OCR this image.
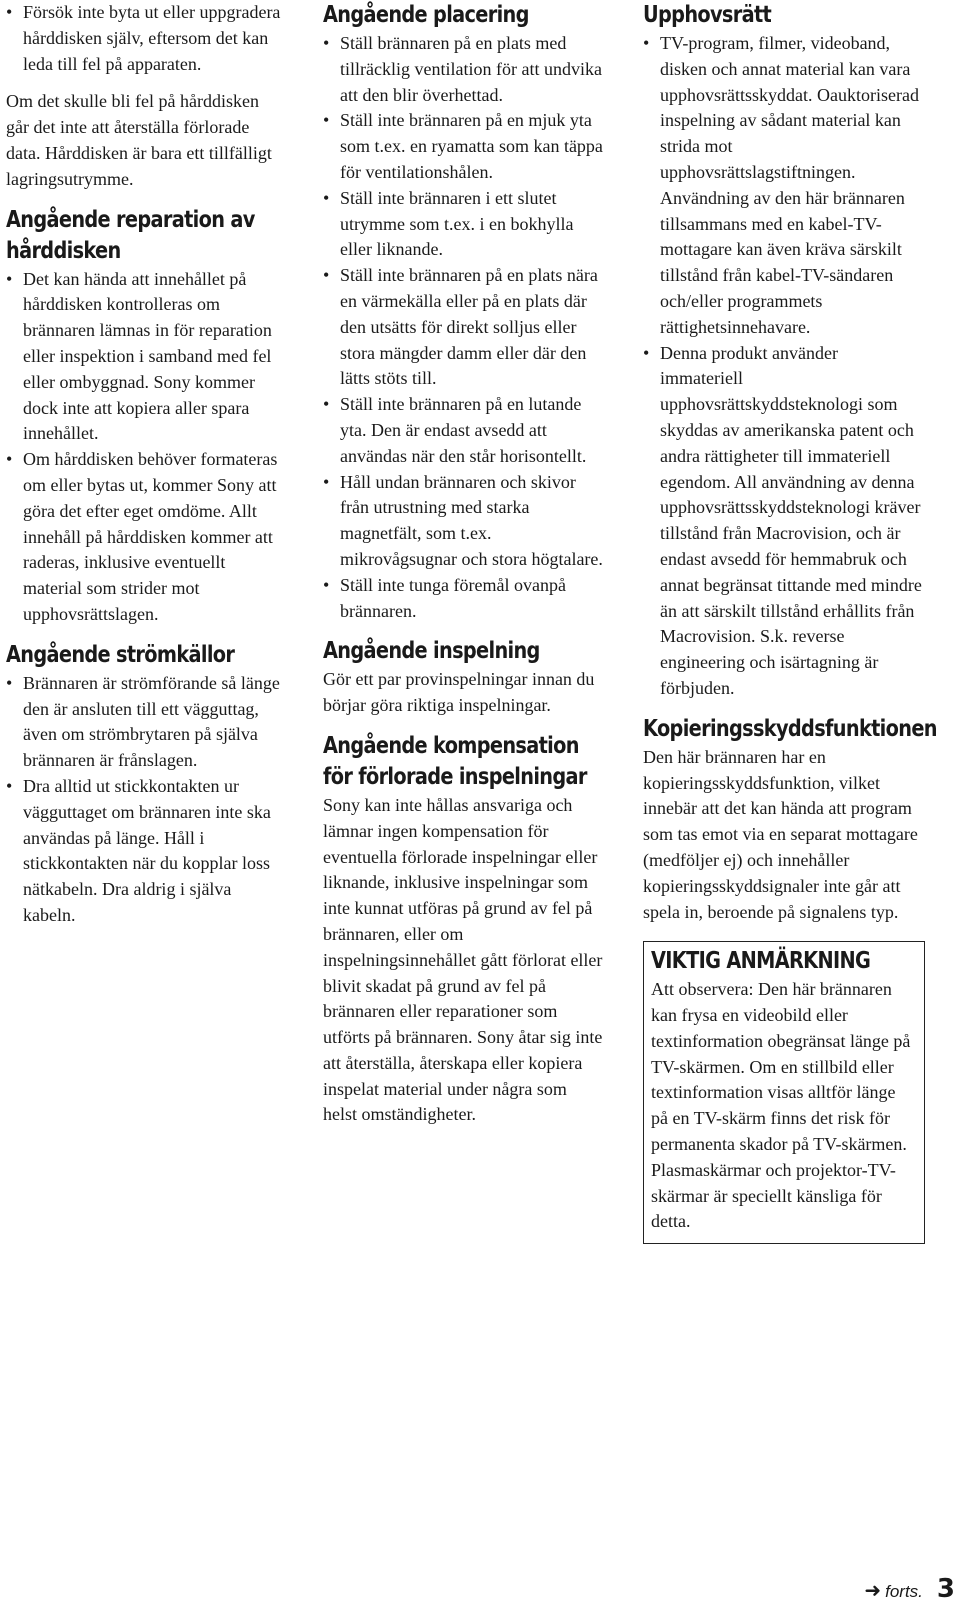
• Försök inte byta ut eller uppgradera hårddisken själv, eftersom det kan leda till fel på apparaten.

Om det skulle bli fel på hårddisken går det inte att återställa förlorade data. Hårddisken är bara ett tillfälligt lagringsutrymme.

Angående reparation av hårddisken
• Det kan hända att innehållet på hårddisken kontrolleras om brännaren lämnas in för reparation eller inspektion i samband med fel eller ombyggnad. Sony kommer dock inte att kopiera aller spara innehållet.
• Om hårddisken behöver formateras om eller bytas ut, kommer Sony att göra det efter eget omdöme. Allt innehåll på hårddisken kommer att raderas, inklusive eventuellt material som strider mot upphovsrättslagen.
Angående strömkällor
• Brännaren är strömförande så länge den är ansluten till ett vägguttag, även om strömbrytaren på själva brännaren är frånslagen.
• Dra alltid ut stickkontakten ur vägguttaget om brännaren inte ska användas på länge. Håll i stickkontakten när du kopplar loss nätkabeln. Dra aldrig i själva kabeln.
Angående placering
• Ställ brännaren på en plats med tillräcklig ventilation för att undvika att den blir överhettad.
• Ställ inte brännaren på en mjuk yta som t.ex. en ryamatta som kan täppa för ventilationshålen.
• Ställ inte brännaren i ett slutet utrymme som t.ex. i en bokhylla eller liknande.
• Ställ inte brännaren på en plats nära en värmekälla eller på en plats där den utsätts för direkt solljus eller stora mängder damm eller där den lätts stöts till.
• Ställ inte brännaren på en lutande yta. Den är endast avsedd att användas när den står horisontellt.
• Håll undan brännaren och skivor från utrustning med starka magnetfält, som t.ex. mikrovågsugnar och stora högtalare.
• Ställ inte tunga föremål ovanpå brännaren.
Angående inspelning

Gör ett par provinspelningar innan du börjar göra riktiga inspelningar.

Angående kompensation för förlorade inspelningar

Sony kan inte hållas ansvariga och lämnar ingen kompensation för eventuella förlorade inspelningar eller liknande, inklusive inspelningar som inte kunnat utföras på grund av fel på brännaren, eller om inspelningsinnehållet gått förlorat eller blivit skadat på grund av fel på brännaren eller reparationer som utförts på brännaren. Sony åtar sig inte att återställa, återskapa eller kopiera inspelat material under några som helst omständigheter.

Upphovsrätt
• TV-program, filmer, videoband, disken och annat material kan vara upphovsrättsskyddat. Oauktoriserad inspelning av sådant material kan strida mot upphovsrättslagstiftningen. Användning av den här brännaren tillsammans med en kabel-TV-mottagare kan även kräva särskilt tillstånd från kabel-TV-sändaren och/eller programmets rättighetsinnehavare.
• Denna produkt använder immateriell upphovsrättskyddsteknologi som skyddas av amerikanska patent och andra rättigheter till immateriell egendom. All användning av denna upphovsrättsskyddsteknologi kräver tillstånd från Macrovision, och är endast avsedd för hemmabruk och annat begränsat tittande med mindre än att särskilt tillstånd erhållits från Macrovision. S.k. reverse engineering och isärtagning är förbjuden.
Kopieringsskyddsfunktionen

Den här brännaren har en kopieringsskyddsfunktion, vilket innebär att det kan hända att program som tas emot via en separat mottagare (medföljer ej) och innehåller kopieringsskyddsignaler inte går att spela in, beroende på signalens typ.

VIKTIG ANMÄRKNING

Att observera: Den här brännaren kan frysa en videobild eller textinformation obegränsat länge på TV-skärmen. Om en stillbild eller textinformation visas alltför länge på en TV-skärm finns det risk för permanenta skador på TV-skärmen. Plasmaskärmar och projektor-TV-skärmar är speciellt känsliga för detta.

➜ forts. 3
